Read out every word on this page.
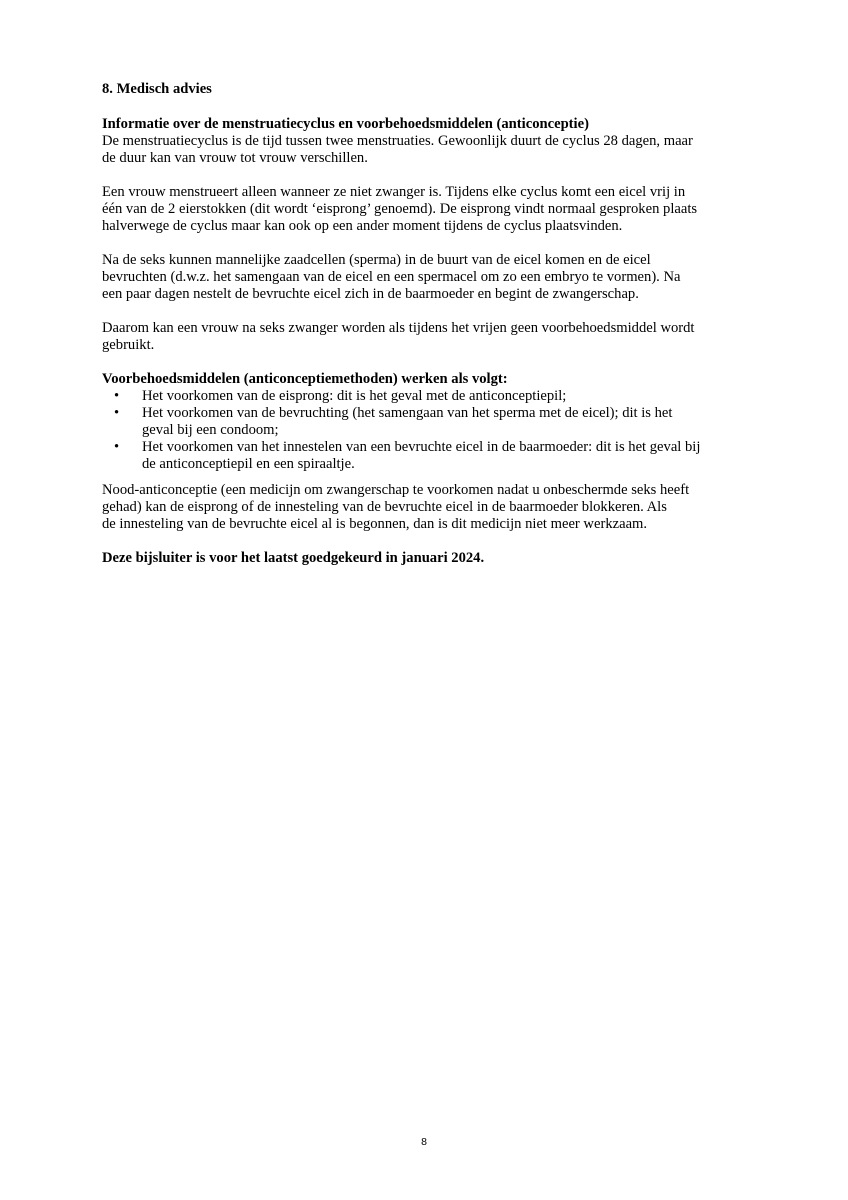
8. Medisch advies

Informatie over de menstruatiecyclus en voorbehoedsmiddelen (anticonceptie)

De menstruatiecyclus is de tijd tussen twee menstruaties. Gewoonlijk duurt de cyclus 28 dagen, maar
de duur kan van vrouw tot vrouw verschillen.

Een vrouw menstrueert alleen wanneer ze niet zwanger is. Tijdens elke cyclus komt een eicel vrij in
één van de 2 eierstokken (dit wordt ‘eisprong’ genoemd). De eisprong vindt normaal gesproken plaats
halverwege de cyclus maar kan ook op een ander moment tijdens de cyclus plaatsvinden.

Na de seks kunnen mannelijke zaadcellen (sperma) in de buurt van de eicel komen en de eicel
bevruchten (d.w.z. het samengaan van de eicel en een spermacel om zo een embryo te vormen). Na
een paar dagen nestelt de bevruchte eicel zich in de baarmoeder en begint de zwangerschap.

Daarom kan een vrouw na seks zwanger worden als tijdens het vrijen geen voorbehoedsmiddel wordt
gebruikt.

Voorbehoedsmiddelen (anticonceptiemethoden) werken als volgt:

• Het voorkomen van de eisprong: dit is het geval met de anticonceptiepil;
• Het voorkomen van de bevruchting (het samengaan van het sperma met de eicel); dit is het
geval bij een condoom;
• Het voorkomen van het innestelen van een bevruchte eicel in de baarmoeder: dit is het geval bij
de anticonceptiepil en een spiraaltje.

Nood-anticonceptie (een medicijn om zwangerschap te voorkomen nadat u onbeschermde seks heeft
gehad) kan de eisprong of de innesteling van de bevruchte eicel in de baarmoeder blokkeren. Als
de innesteling van de bevruchte eicel al is begonnen, dan is dit medicijn niet meer werkzaam.

Deze bijsluiter is voor het laatst goedgekeurd in januari 2024.

8
